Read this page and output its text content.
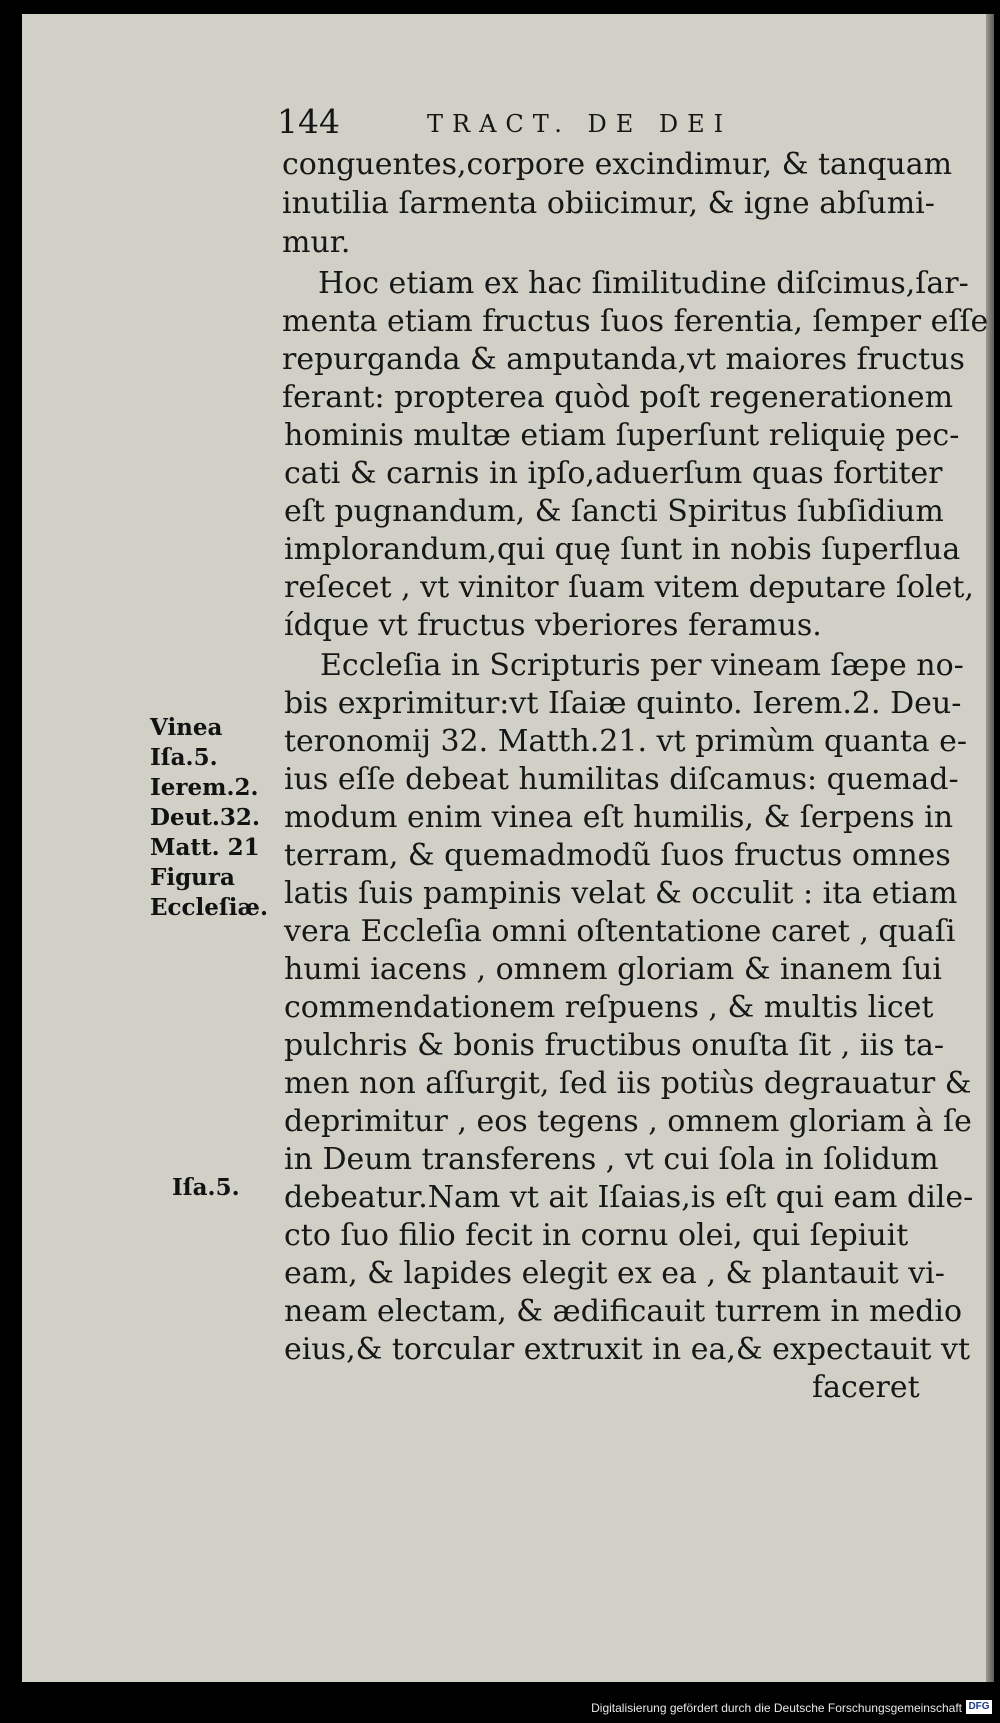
144	TRACT. DE DEI

conguentes,corpore excindimur, & tanquam

inutilia ſarmenta obiicimur, & igne abſumi-

mur.

Hoc etiam ex hac ſimilitudine diſcimus,ſar-

menta etiam fructus ſuos ferentia, ſemper eſſe

repurganda & amputanda,vt maiores fructus

ferant: propterea quòd poſt regenerationem

hominis multæ etiam ſuperſunt reliquię pec-

cati & carnis in ipſo,aduerſum quas fortiter

eſt pugnandum, & ſancti Spiritus ſubſidium

implorandum,qui quę ſunt in nobis ſuperflua

reſecet , vt vinitor ſuam vitem deputare ſolet,

ídque vt fructus vberiores feramus.

Eccleſia in Scripturis per vineam ſæpe no-

bis exprimitur:vt Iſaiæ quinto. Ierem.2. Deu-

teronomij 32. Matth.21. vt primùm quanta e-

ius eſſe debeat humilitas diſcamus: quemad-

modum enim vinea eſt humilis, & ſerpens in

terram, & quemadmodũ ſuos fructus omnes

latis ſuis pampinis velat & occulit : ita etiam

vera Eccleſia omni oſtentatione caret , quaſi

humi iacens , omnem gloriam & inanem ſui

commendationem reſpuens , & multis licet

pulchris & bonis fructibus onuſta ſit , iis ta-

men non aſſurgit, ſed iis potiùs degrauatur &

deprimitur , eos tegens , omnem gloriam à ſe

in Deum transferens , vt cui ſola in ſolidum

debeatur.Nam vt ait Iſaias,is eſt qui eam dile-

cto ſuo filio fecit in cornu olei, qui ſepiuit

eam, & lapides elegit ex ea , & plantauit vi-

neam electam, & ædificauit turrem in medio

eius,& torcular extruxit in ea,& expectauit vt

faceret

Vinea

Iſa.5.

Ierem.2.

Deut.32.

Matt. 21

Figura

Eccleſiæ.

Iſa.5.

Digitalisierung gefördert durch die Deutsche Forschungsgemeinschaft DFG
